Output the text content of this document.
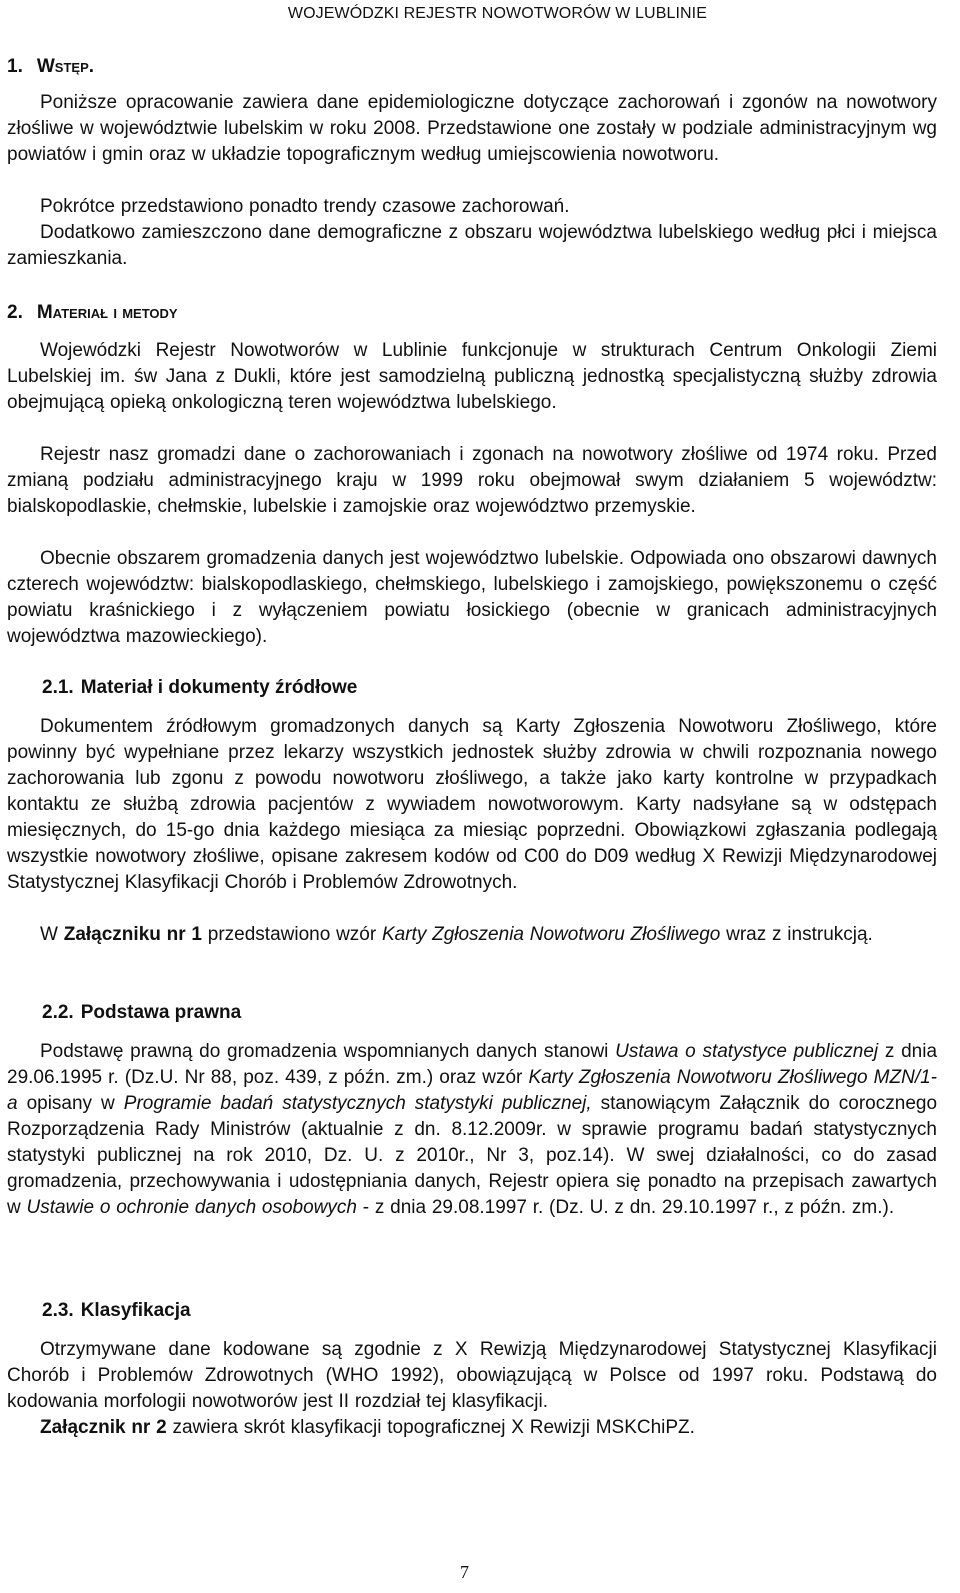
WOJEWÓDZKI REJESTR NOWOTWORÓW W LUBLINIE
1. Wstęp.

Poniższe opracowanie zawiera dane epidemiologiczne dotyczące zachorowań i zgonów na nowotwory złośliwe w województwie lubelskim w roku 2008. Przedstawione one zostały w podziale administracyjnym wg powiatów i gmin oraz w układzie topograficznym według umiejscowienia nowotworu.

Pokrótce przedstawiono ponadto trendy czasowe zachorowań.

Dodatkowo zamieszczono dane demograficzne z obszaru województwa lubelskiego według płci i miejsca zamieszkania.

2. Materiał i metody

Wojewódzki Rejestr Nowotworów w Lublinie funkcjonuje w strukturach Centrum Onkologii Ziemi Lubelskiej im. św Jana z Dukli, które jest samodzielną publiczną jednostką specjalistyczną służby zdrowia obejmującą opieką onkologiczną teren województwa lubelskiego.

Rejestr nasz gromadzi dane o zachorowaniach i zgonach na nowotwory złośliwe od 1974 roku. Przed zmianą podziału administracyjnego kraju w 1999 roku obejmował swym działaniem 5 województw: bialskopodlaskie, chełmskie, lubelskie i zamojskie oraz województwo przemyskie.

Obecnie obszarem gromadzenia danych jest województwo lubelskie. Odpowiada ono obszarowi dawnych czterech województw: bialskopodlaskiego, chełmskiego, lubelskiego i zamojskiego, powiększonemu o część powiatu kraśnickiego i z wyłączeniem powiatu łosickiego (obecnie w granicach administracyjnych województwa mazowieckiego).

2.1. Materiał i dokumenty źródłowe

Dokumentem źródłowym gromadzonych danych są Karty Zgłoszenia Nowotworu Złośliwego, które powinny być wypełniane przez lekarzy wszystkich jednostek służby zdrowia w chwili rozpoznania nowego zachorowania lub zgonu z powodu nowotworu złośliwego, a także jako karty kontrolne w przypadkach kontaktu ze służbą zdrowia pacjentów z wywiadem nowotworowym. Karty nadsyłane są w odstępach miesięcznych, do 15-go dnia każdego miesiąca za miesiąc poprzedni. Obowiązkowi zgłaszania podlegają wszystkie nowotwory złośliwe, opisane zakresem kodów od C00 do D09 według X Rewizji Międzynarodowej Statystycznej Klasyfikacji Chorób i Problemów Zdrowotnych.

W Załączniku nr 1 przedstawiono wzór Karty Zgłoszenia Nowotworu Złośliwego wraz z instrukcją.

2.2. Podstawa prawna

Podstawę prawną do gromadzenia wspomnianych danych stanowi Ustawa o statystyce publicznej z dnia 29.06.1995 r. (Dz.U. Nr 88, poz. 439, z późn. zm.) oraz wzór Karty Zgłoszenia Nowotworu Złośliwego MZN/1-a opisany w Programie badań statystycznych statystyki publicznej, stanowiącym Załącznik do corocznego Rozporządzenia Rady Ministrów (aktualnie z dn. 8.12.2009r. w sprawie programu badań statystycznych statystyki publicznej na rok 2010, Dz. U. z 2010r., Nr 3, poz.14). W swej działalności, co do zasad gromadzenia, przechowywania i udostępniania danych, Rejestr opiera się ponadto na przepisach zawartych w Ustawie o ochronie danych osobowych - z dnia 29.08.1997 r. (Dz. U. z dn. 29.10.1997 r., z późn. zm.).

2.3. Klasyfikacja

Otrzymywane dane kodowane są zgodnie z X Rewizją Międzynarodowej Statystycznej Klasyfikacji Chorób i Problemów Zdrowotnych (WHO 1992), obowiązującą w Polsce od 1997 roku. Podstawą do kodowania morfologii nowotworów jest II rozdział tej klasyfikacji.

Załącznik nr 2 zawiera skrót klasyfikacji topograficznej X Rewizji MSKChiPZ.

7
